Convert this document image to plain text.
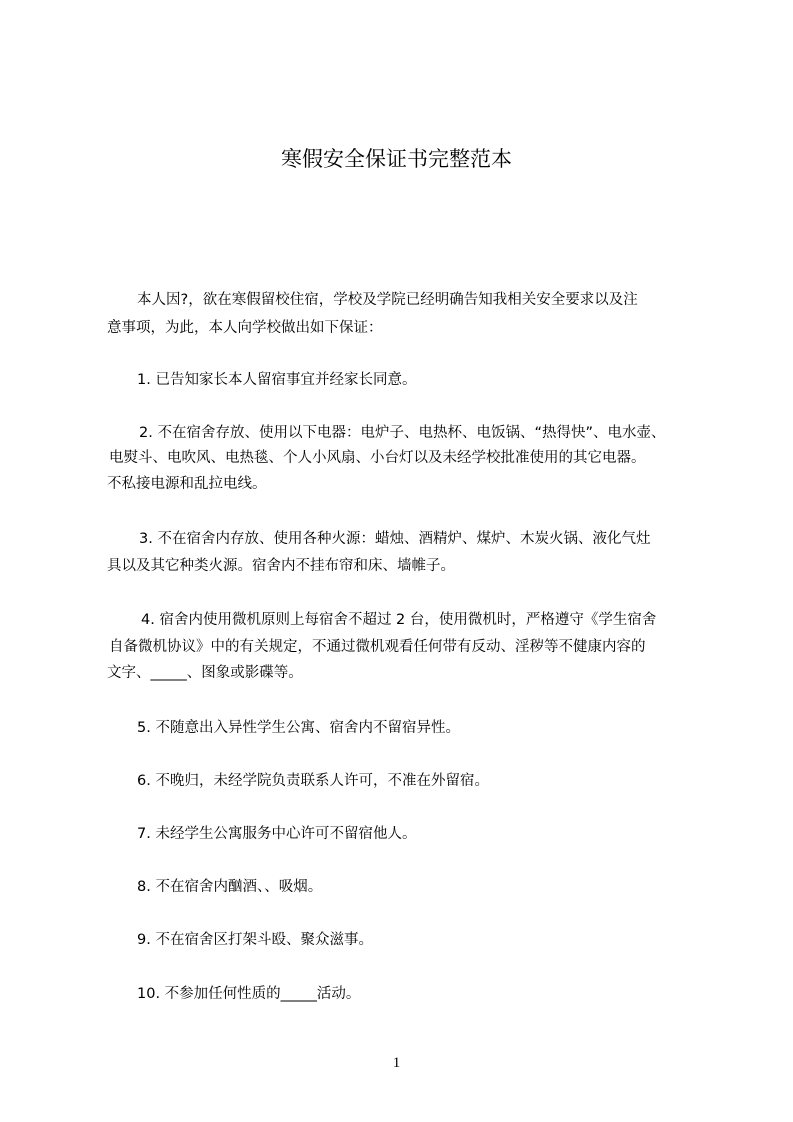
寒假安全保证书完整范本
本人因?，欲在寒假留校住宿，学校及学院已经明确告知我相关安全要求以及注
意事项，为此，本人向学校做出如下保证：
1. 已告知家长本人留宿事宜并经家长同意。
2. 不在宿舍存放、使用以下电器：电炉子、电热杯、电饭锅、“热得快”、电水壶、
电熨斗、电吹风、电热毯、个人小风扇、小台灯以及未经学校批准使用的其它电器。
不私接电源和乱拉电线。
3. 不在宿舍内存放、使用各种火源：蜡烛、酒精炉、煤炉、木炭火锅、液化气灶
具以及其它种类火源。宿舍内不挂布帘和床、墙帷子。
4. 宿舍内使用微机原则上每宿舍不超过 2 台，使用微机时，严格遵守《学生宿舍
自备微机协议》中的有关规定，不通过微机观看任何带有反动、淫秽等不健康内容的
文字、_____、图象或影碟等。
5. 不随意出入异性学生公寓、宿舍内不留宿异性。
6. 不晚归，未经学院负责联系人许可，不准在外留宿。
7. 未经学生公寓服务中心许可不留宿他人。
8. 不在宿舍内酗酒、、吸烟。
9. 不在宿舍区打架斗殴、聚众滋事。
10. 不参加任何性质的_____活动。
1
